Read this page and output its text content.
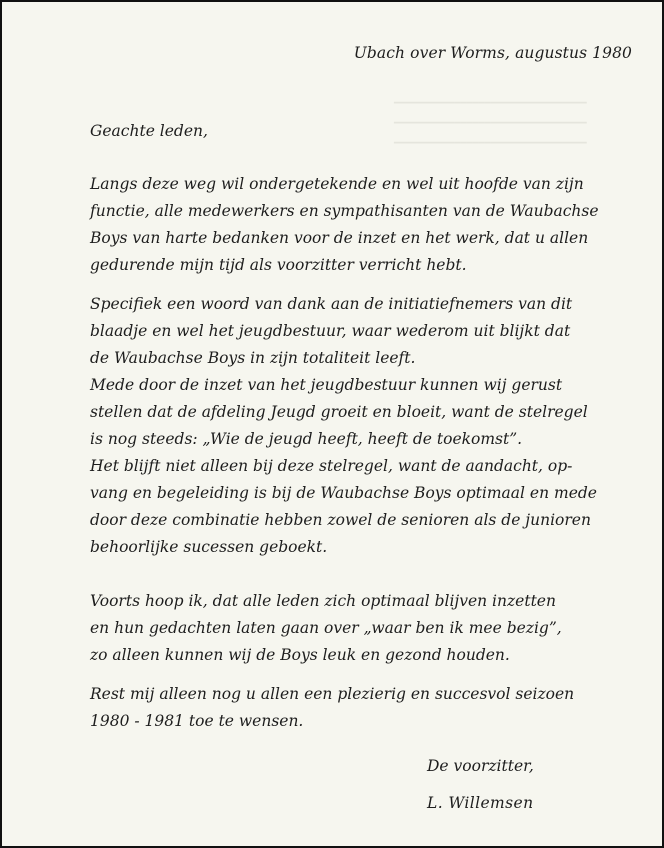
━━━━━━━━━━━━━━━━━━━━━━━━━━━━━━━━
━━━━━━━━━━━━━━━━━━━━━━━━━━━━━━━━
━━━━━━━━━━━━━━━━━━━━━━━━━━━━━━━━
Ubach over Worms, augustus 1980
Geachte leden,

Langs deze weg wil ondergetekende en wel uit hoofde van zijn
functie, alle medewerkers en sympathisanten van de Waubachse
Boys van harte bedanken voor de inzet en het werk, dat u allen
gedurende mijn tijd als voorzitter verricht hebt.

Specifiek een woord van dank aan de initiatiefnemers van dit
blaadje en wel het jeugdbestuur, waar wederom uit blijkt dat
de Waubachse Boys in zijn totaliteit leeft.
Mede door de inzet van het jeugdbestuur kunnen wij gerust
stellen dat de afdeling Jeugd groeit en bloeit, want de stelregel
is nog steeds: „Wie de jeugd heeft, heeft de toekomst”.
Het blijft niet alleen bij deze stelregel, want de aandacht, op-
vang en begeleiding is bij de Waubachse Boys optimaal en mede
door deze combinatie hebben zowel de senioren als de junioren
behoorlijke sucessen geboekt.

Voorts hoop ik, dat alle leden zich optimaal blijven inzetten
en hun gedachten laten gaan over „waar ben ik mee bezig”,
zo alleen kunnen wij de Boys leuk en gezond houden.

Rest mij alleen nog u allen een plezierig en succesvol seizoen
1980 - 1981 toe te wensen.

De voorzitter,
L. Willemsen
